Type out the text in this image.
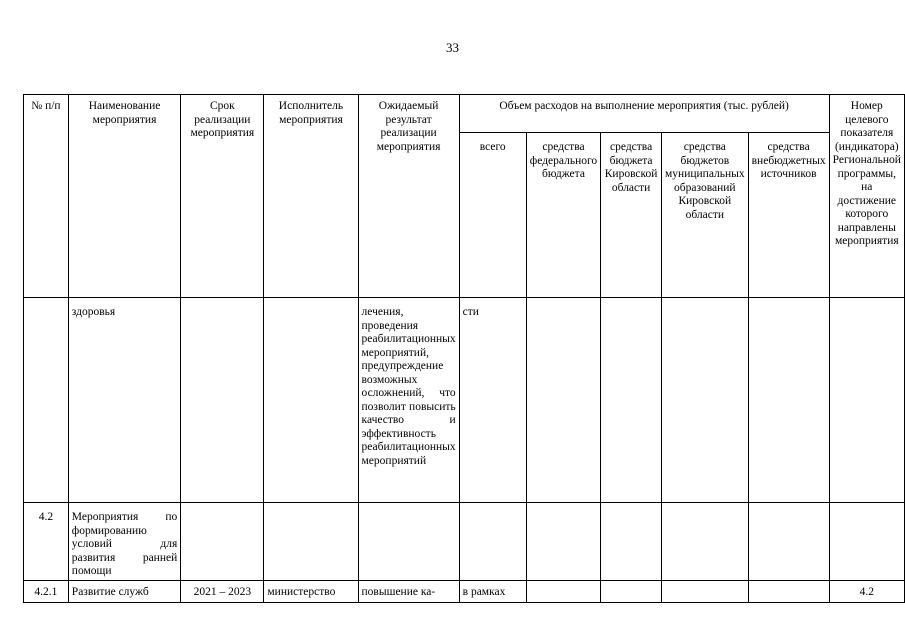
33
№ п/п	Наименование мероприятия	Срок реализации мероприятия	Исполнитель мероприятия	Ожидаемый результат реализации мероприятия	Объем расходов на выполнение мероприятия (тыс. рублей)					Номер целевого показателя (индикатора) Региональной программы, на достижение которого направлены мероприятия
					всего	средства федерального бюджета	средства бюджета Кировской области	средства бюджетов муниципальных образований Кировской области	средства внебюджетных источников	
	здоровья			лечения, проведения реабилитационных мероприятий, предупреждение возможных осложнений, что позволит повысить качество и эффективность реабилитационных мероприятий	сти					
4.2	Мероприятия по формированию условий для развития ранней помощи									
4.2.1	Развитие служб	2021 – 2023	министерство	повышение ка-	в рамках					4.2
